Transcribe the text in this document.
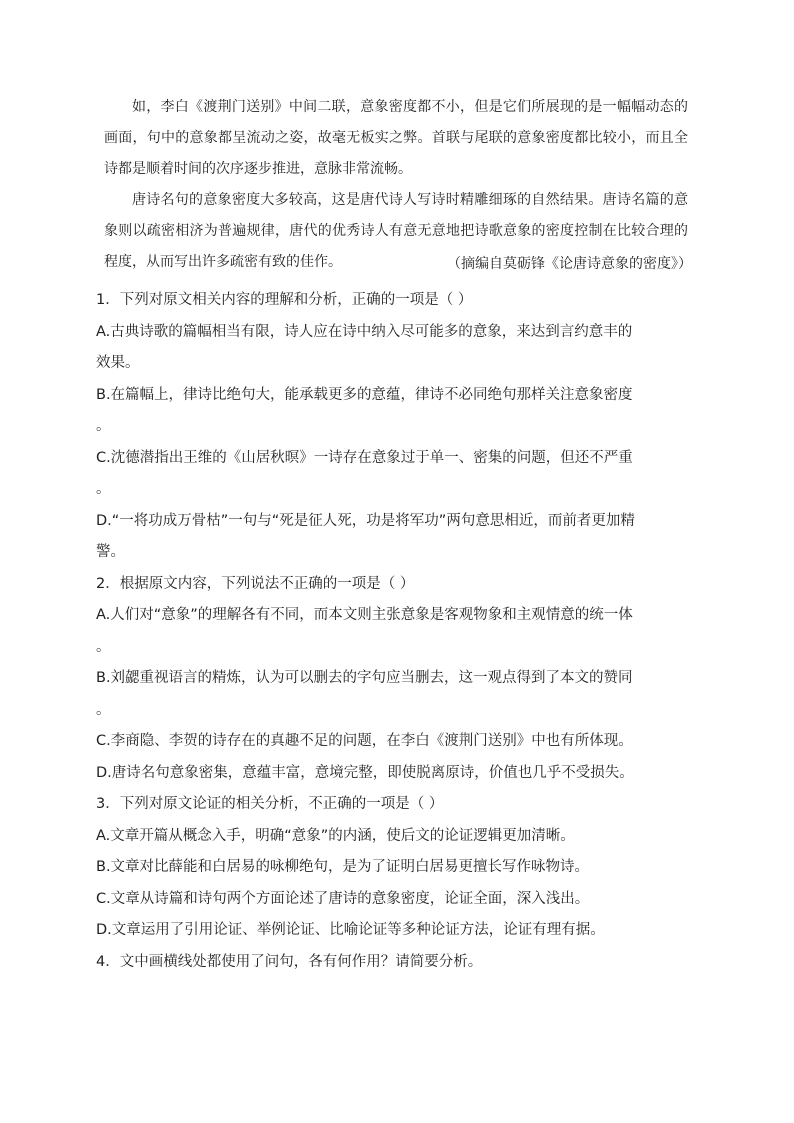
如，李白《渡荆门送别》中间二联，意象密度都不小，但是它们所展现的是一幅幅动态的画面，句中的意象都呈流动之姿，故毫无板实之弊。首联与尾联的意象密度都比较小，而且全诗都是顺着时间的次序逐步推进，意脉非常流畅。

唐诗名句的意象密度大多较高，这是唐代诗人写诗时精雕细琢的自然结果。唐诗名篇的意象则以疏密相济为普遍规律，唐代的优秀诗人有意无意地把诗歌意象的密度控制在比较合理的程度，从而写出许多疏密有致的佳作。	（摘编自莫砺锋《论唐诗意象的密度》）
1．下列对原文相关内容的理解和分析，正确的一项是（ ）
A.古典诗歌的篇幅相当有限，诗人应在诗中纳入尽可能多的意象，来达到言约意丰的
效果。
B.在篇幅上，律诗比绝句大，能承载更多的意蕴，律诗不必同绝句那样关注意象密度
。
C.沈德潜指出王维的《山居秋暝》一诗存在意象过于单一、密集的问题，但还不严重
。
D.“一将功成万骨枯”一句与“死是征人死，功是将军功”两句意思相近，而前者更加精
警。
2．根据原文内容，下列说法不正确的一项是（ ）
A.人们对“意象”的理解各有不同，而本文则主张意象是客观物象和主观情意的统一体
。
B.刘勰重视语言的精炼，认为可以删去的字句应当删去，这一观点得到了本文的赞同
。
C.李商隐、李贺的诗存在的真趣不足的问题，在李白《渡荆门送别》中也有所体现。
D.唐诗名句意象密集，意蕴丰富，意境完整，即使脱离原诗，价值也几乎不受损失。
3．下列对原文论证的相关分析，不正确的一项是（ ）
A.文章开篇从概念入手，明确“意象”的内涵，使后文的论证逻辑更加清晰。
B.文章对比薛能和白居易的咏柳绝句，是为了证明白居易更擅长写作咏物诗。
C.文章从诗篇和诗句两个方面论述了唐诗的意象密度，论证全面，深入浅出。
D.文章运用了引用论证、举例论证、比喻论证等多种论证方法，论证有理有据。
4．文中画横线处都使用了问句，各有何作用？请简要分析。
